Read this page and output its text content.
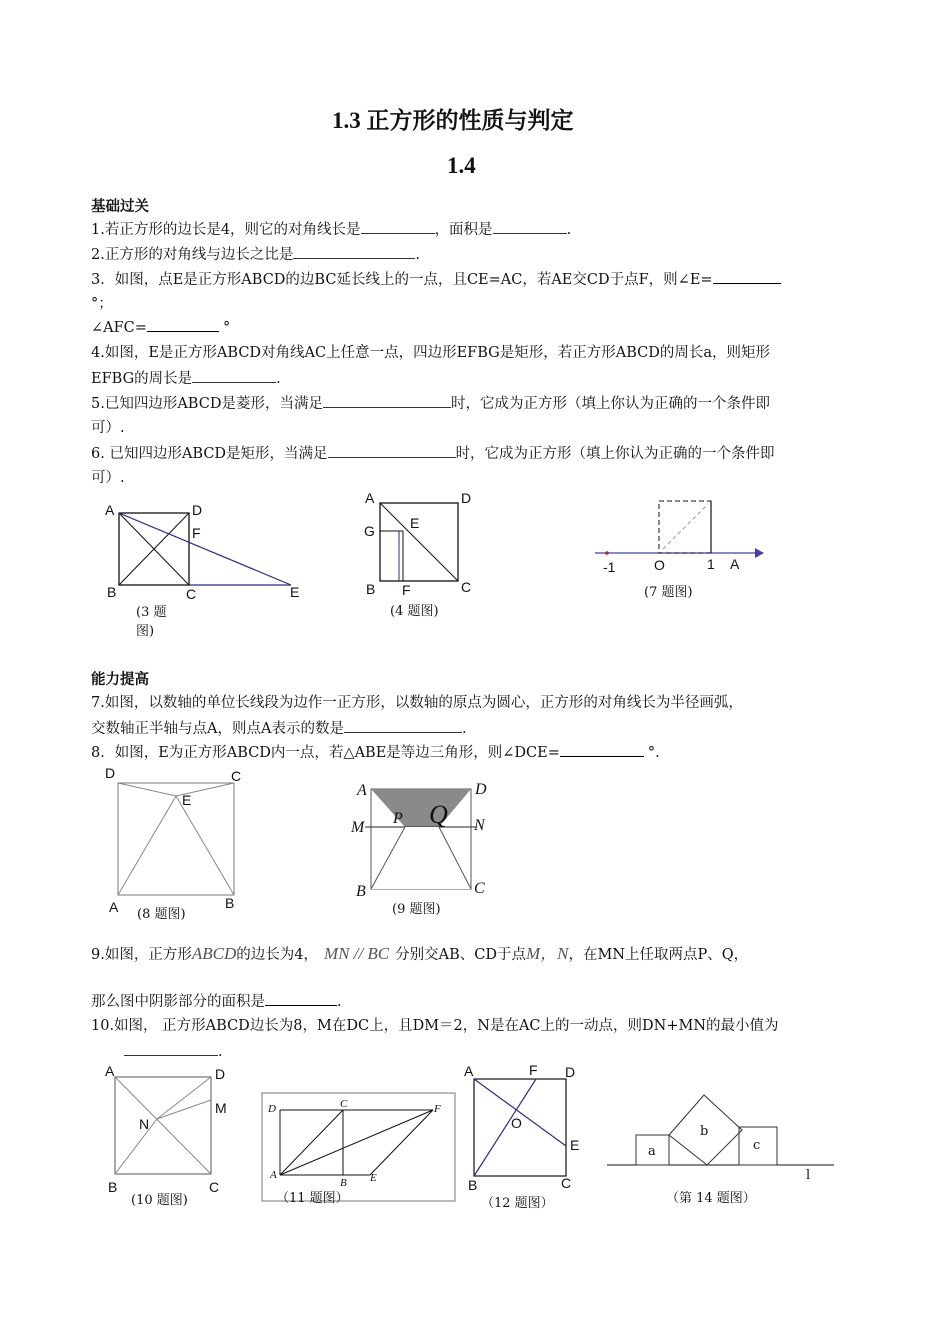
1.3 正方形的性质与判定
1.4
基础过关
1.若正方形的边长是4，则它的对角线长是	，面积是	.
2.正方形的对角线与边长之比是	.
3．如图，点E是正方形ABCD的边BC延长线上的一点，且CE=AC，若AE交CD于点F，则∠E=
°；
∠AFC=	°
4.如图，E是正方形ABCD对角线AC上任意一点，四边形EFBG是矩形，若正方形ABCD的周长a，则矩形
EFBG的周长是	.
5.已知四边形ABCD是菱形，当满足	时，它成为正方形（填上你认为正确的一个条件即
可）.
6. 已知四边形ABCD是矩形，当满足	时，它成为正方形（填上你认为正确的一个条件即
可）.
A	D
F
B	C	E
(3 题
图)
A	D
G	E
B F	C
(4 题图)
-1	O	1 A
(7 题图)
能力提高
7.如图，以数轴的单位长线段为边作一正方形，以数轴的原点为圆心，正方形的对角线长为半径画弧，
交数轴正半轴与点A，则点A表示的数是	.
8．如图，E为正方形ABCD内一点，若△ABE是等边三角形，则∠DCE=	°.
D	C
E
A	B
(8 题图)
A	D
M
P Q N
B	C
(9 题图)
9.如图，正方形ABCD的边长为4， MN // BC 分别交AB、CD于点M，N，在MN上任取两点P、Q，
那么图中阴影部分的面积是	.
10.如图， 正方形ABCD边长为8，M在DC上，且DM＝2，N是在AC上的一动点，则DN+MN的最小值为
.
A	D
M
N
B	C
(10 题图)
D	C	F
A
B E
（11 题图）
A	F D
O
E
B	C
（12 题图）
a
b
c
l
（第 14 题图）
